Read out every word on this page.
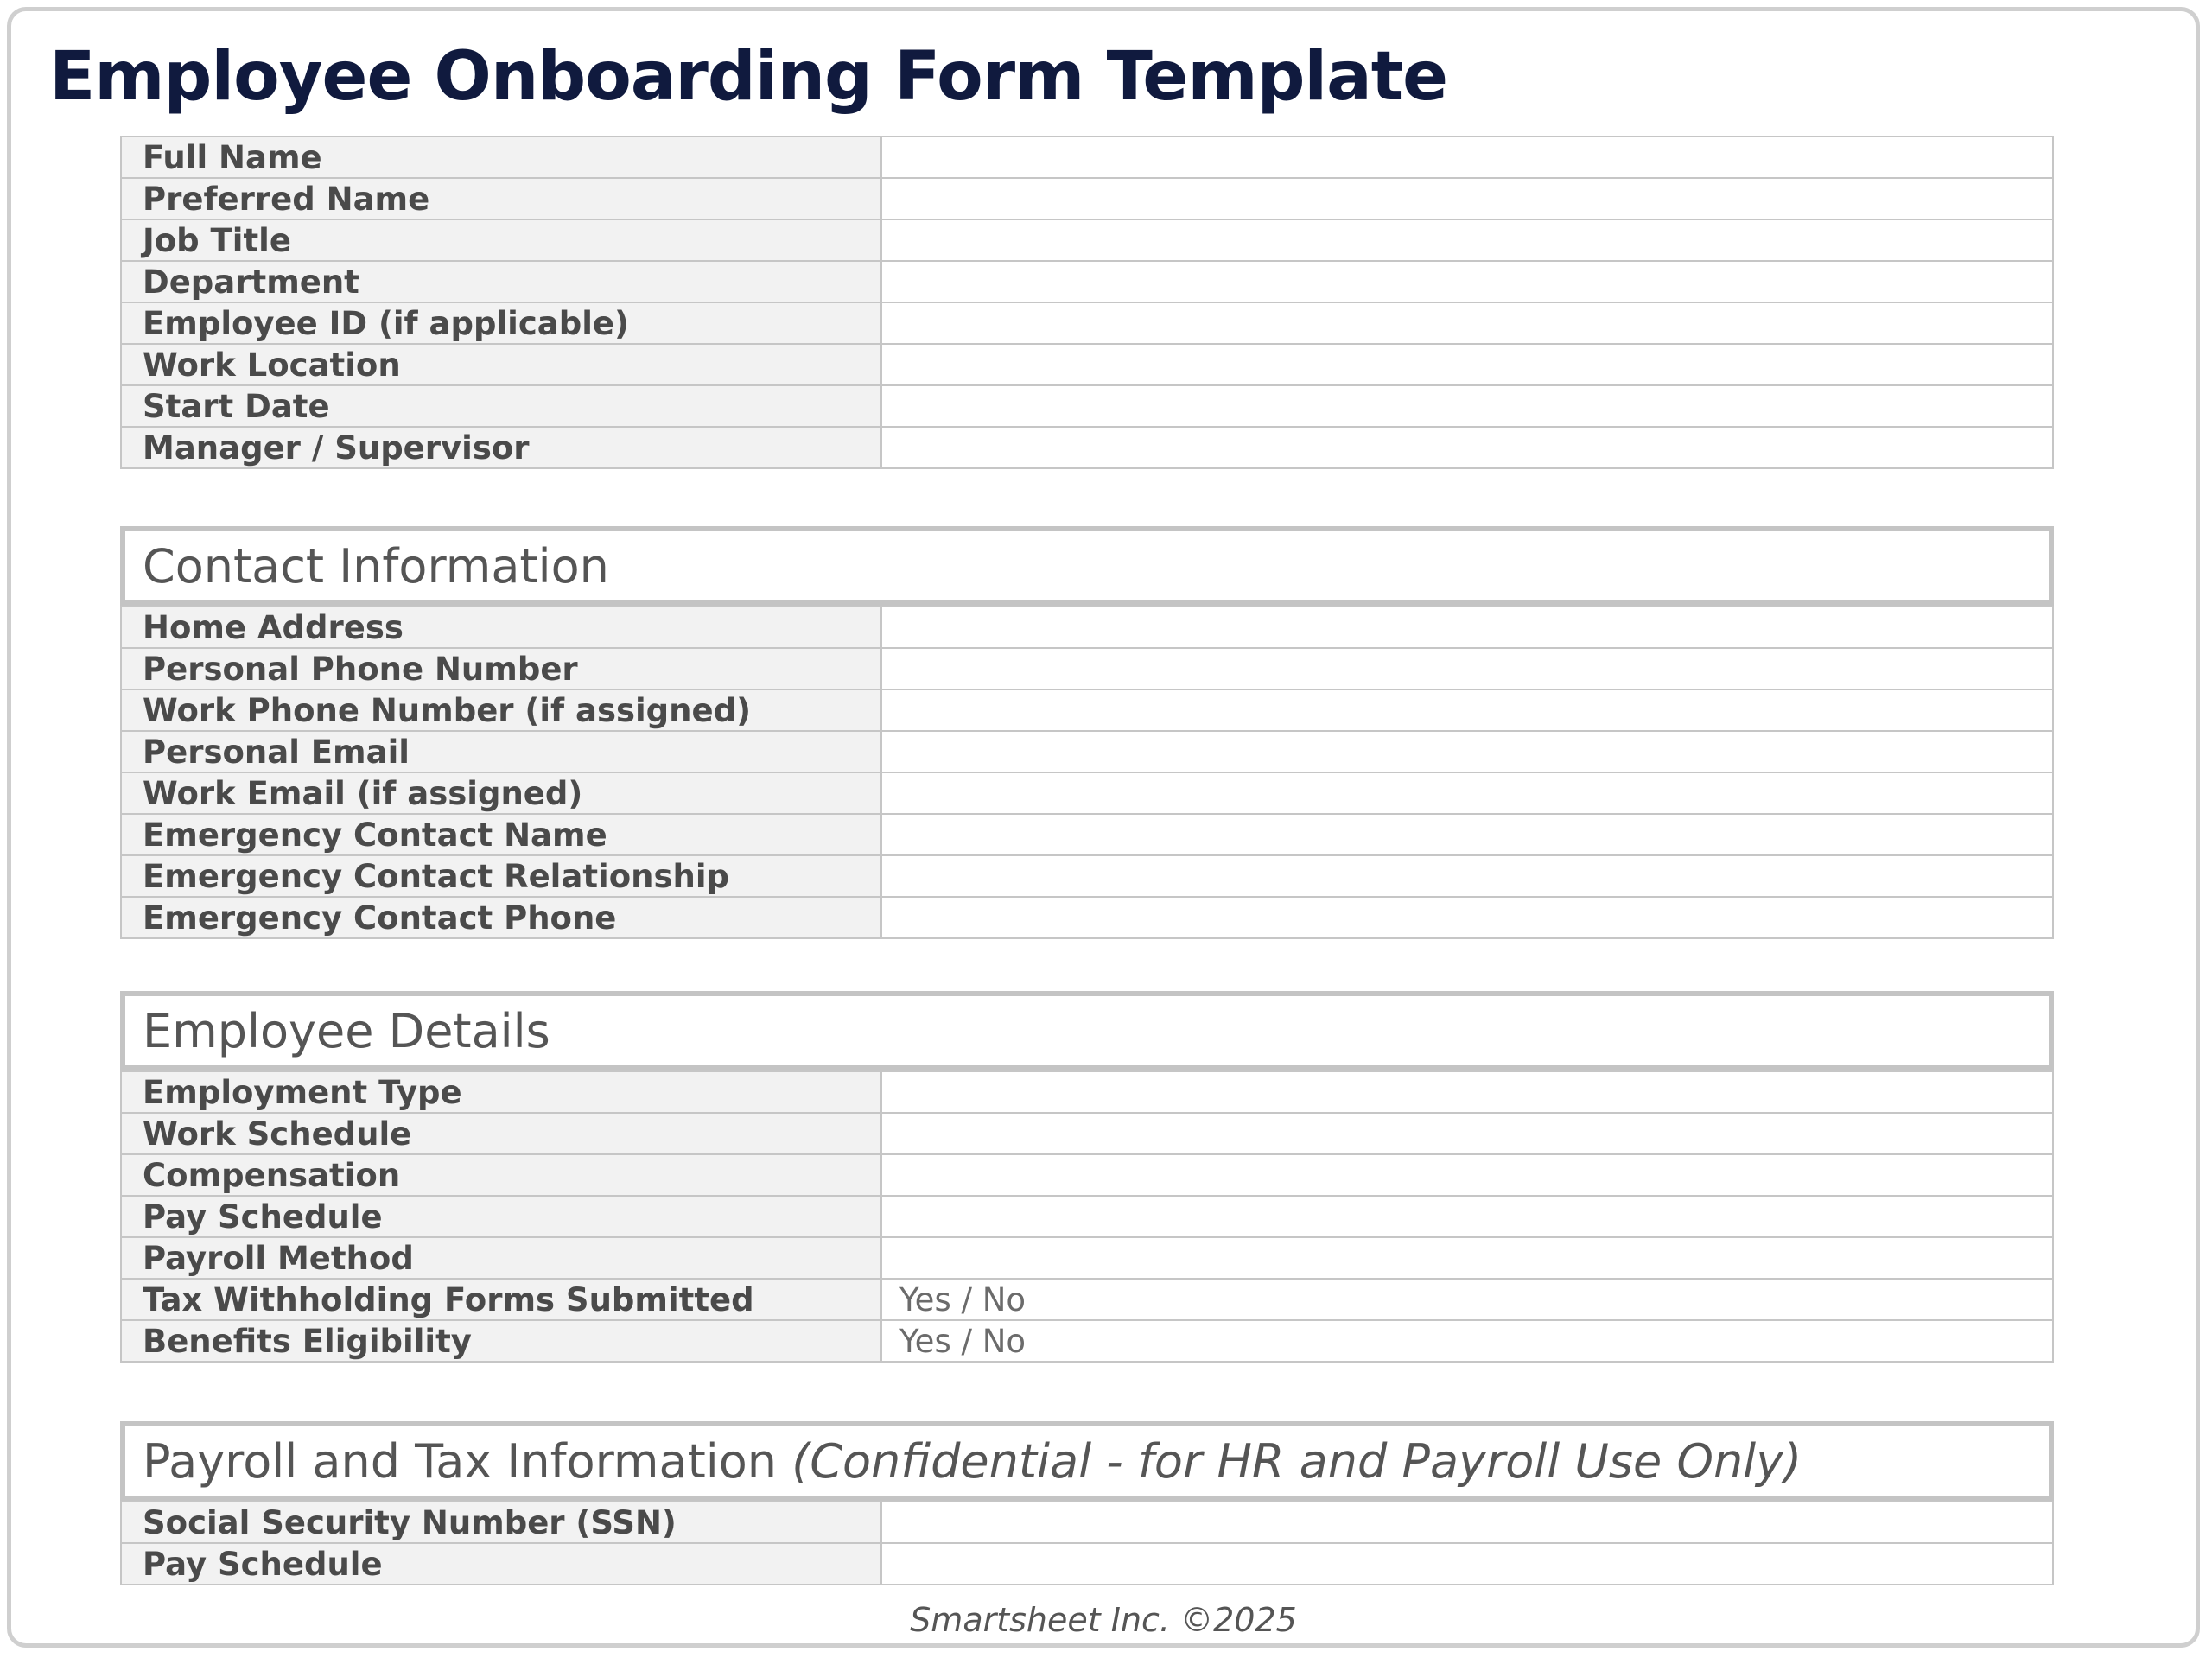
Employee Onboarding Form Template
Full Name	
Preferred Name	
Job Title	
Department	
Employee ID (if applicable)	
Work Location	
Start Date	
Manager / Supervisor	
Contact Information
Home Address	
Personal Phone Number	
Work Phone Number (if assigned)	
Personal Email	
Work Email (if assigned)	
Emergency Contact Name	
Emergency Contact Relationship	
Emergency Contact Phone	
Employee Details
Employment Type	
Work Schedule	
Compensation	
Pay Schedule	
Payroll Method	
Tax Withholding Forms Submitted	Yes / No
Benefits Eligibility	Yes / No
Payroll and Tax Information (Confidential - for HR and Payroll Use Only)
Social Security Number (SSN)	
Pay Schedule	
Smartsheet Inc. ©2025
